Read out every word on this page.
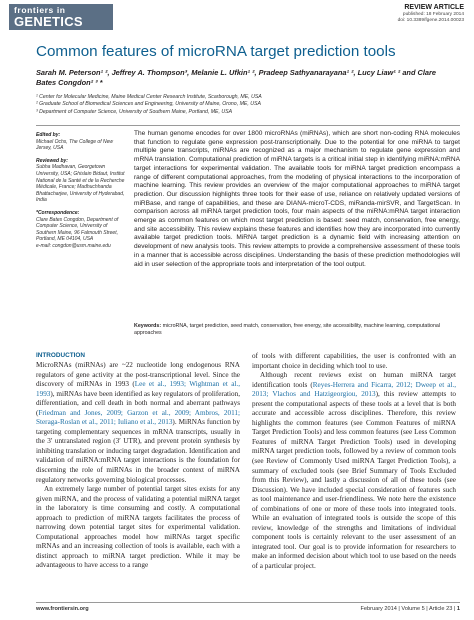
frontiers in
GENETICS
REVIEW ARTICLE
published: 18 February 2014
doi: 10.3389/fgene.2014.00023
Common features of microRNA target prediction tools
Sarah M. Peterson¹ ², Jeffrey A. Thompson³, Melanie L. Ufkin¹ ², Pradeep Sathyanarayana¹ ², Lucy Liaw¹ ² and Clare Bates Congdon² ³ *
¹ Center for Molecular Medicine, Maine Medical Center Research Institute, Scarborough, ME, USA
² Graduate School of Biomedical Sciences and Engineering, University of Maine, Orono, ME, USA
³ Department of Computer Science, University of Southern Maine, Portland, ME, USA
Edited by:
Michael Ochs, The College of New Jersey, USA
Reviewed by:
Subha Madhavan, Georgetown University, USA; Ghislain Bidaut, Institut National de la Santé et de la Recherche Médicale, France; Madhuchhanda Bhattacharjee, University of Hyderabad, India
*Correspondence:
Clare Bates Congdon, Department of Computer Science, University of Southern Maine, 96 Falmouth Street, Portland, ME 04104, USA
e-mail: congdon@usm.maine.edu
The human genome encodes for over 1800 microRNAs (miRNAs), which are short non-coding RNA molecules that function to regulate gene expression post-transcriptionally. Due to the potential for one miRNA to target multiple gene transcripts, miRNAs are recognized as a major mechanism to regulate gene expression and mRNA translation. Computational prediction of miRNA targets is a critical initial step in identifying miRNA:mRNA target interactions for experimental validation. The available tools for miRNA target prediction encompass a range of different computational approaches, from the modeling of physical interactions to the incorporation of machine learning. This review provides an overview of the major computational approaches to miRNA target prediction. Our discussion highlights three tools for their ease of use, reliance on relatively updated versions of miRBase, and range of capabilities, and these are DIANA-microT-CDS, miRanda-mirSVR, and TargetScan. In comparison across all miRNA target prediction tools, four main aspects of the miRNA:mRNA target interaction emerge as common features on which most target prediction is based: seed match, conservation, free energy, and site accessibility. This review explains these features and identifies how they are incorporated into currently available target prediction tools. MiRNA target prediction is a dynamic field with increasing attention on development of new analysis tools. This review attempts to provide a comprehensive assessment of these tools in a manner that is accessible across disciplines. Understanding the basis of these prediction methodologies will aid in user selection of the appropriate tools and interpretation of the tool output.
Keywords: microRNA, target prediction, seed match, conservation, free energy, site accessibility, machine learning, computational approaches
INTRODUCTION

MicroRNAs (miRNAs) are ~22 nucleotide long endogenous RNA regulators of gene activity at the post-transcriptional level. Since the discovery of miRNAs in 1993 (Lee et al., 1993; Wightman et al., 1993), miRNAs have been identified as key regulators of proliferation, differentiation, and cell death in both normal and aberrant pathways (Friedman and Jones, 2009; Garzon et al., 2009; Ambros, 2011; Steraga-Roslan et al., 2011; Iuliano et al., 2013). MiRNAs function by targeting complementary sequences in mRNA transcripts, usually in the 3′ untranslated region (3′ UTR), and prevent protein synthesis by inhibiting translation or inducing target degradation. Identification and validation of miRNA:mRNA target interactions is the foundation for discerning the role of miRNAs in the broader context of miRNA regulatory networks governing biological processes.

An extremely large number of potential target sites exists for any given miRNA, and the process of validating a potential miRNA target in the laboratory is time consuming and costly. A computational approach to prediction of miRNA targets facilitates the process of narrowing down potential target sites for experimental validation. Computational approaches model how miRNAs target specific mRNAs and an increasing collection of tools is available, each with a distinct approach to miRNA target prediction. While it may be advantageous to have access to a range

of tools with different capabilities, the user is confronted with an important choice in deciding which tool to use.

Although recent reviews exist on human miRNA target identification tools (Reyes-Herrera and Ficarra, 2012; Dweep et al., 2013; Vlachos and Hatzigeorgiou, 2013), this review attempts to present the computational aspects of these tools at a level that is both accurate and accessible across disciplines. Therefore, this review highlights the common features (see Common Features of miRNA Target Prediction Tools) and less common features (see Less Common Features of miRNA Target Prediction Tools) used in developing miRNA target prediction tools, followed by a review of common tools (see Review of Commonly Used miRNA Target Prediction Tools), a summary of excluded tools (see Brief Summary of Tools Excluded from this Review), and lastly a discussion of all of these tools (see Discussion). We have included special consideration of features such as tool maintenance and user-friendliness. We note here the existence of combinations of one or more of these tools into integrated tools. While an evaluation of integrated tools is outside the scope of this review, knowledge of the strengths and limitations of individual component tools is certainly relevant to the user assessment of an integrated tool. Our goal is to provide information for researchers to make an informed decision about which tool to use based on the needs of a particular project.

www.frontiersin.org	February 2014 | Volume 5 | Article 23 | 1
